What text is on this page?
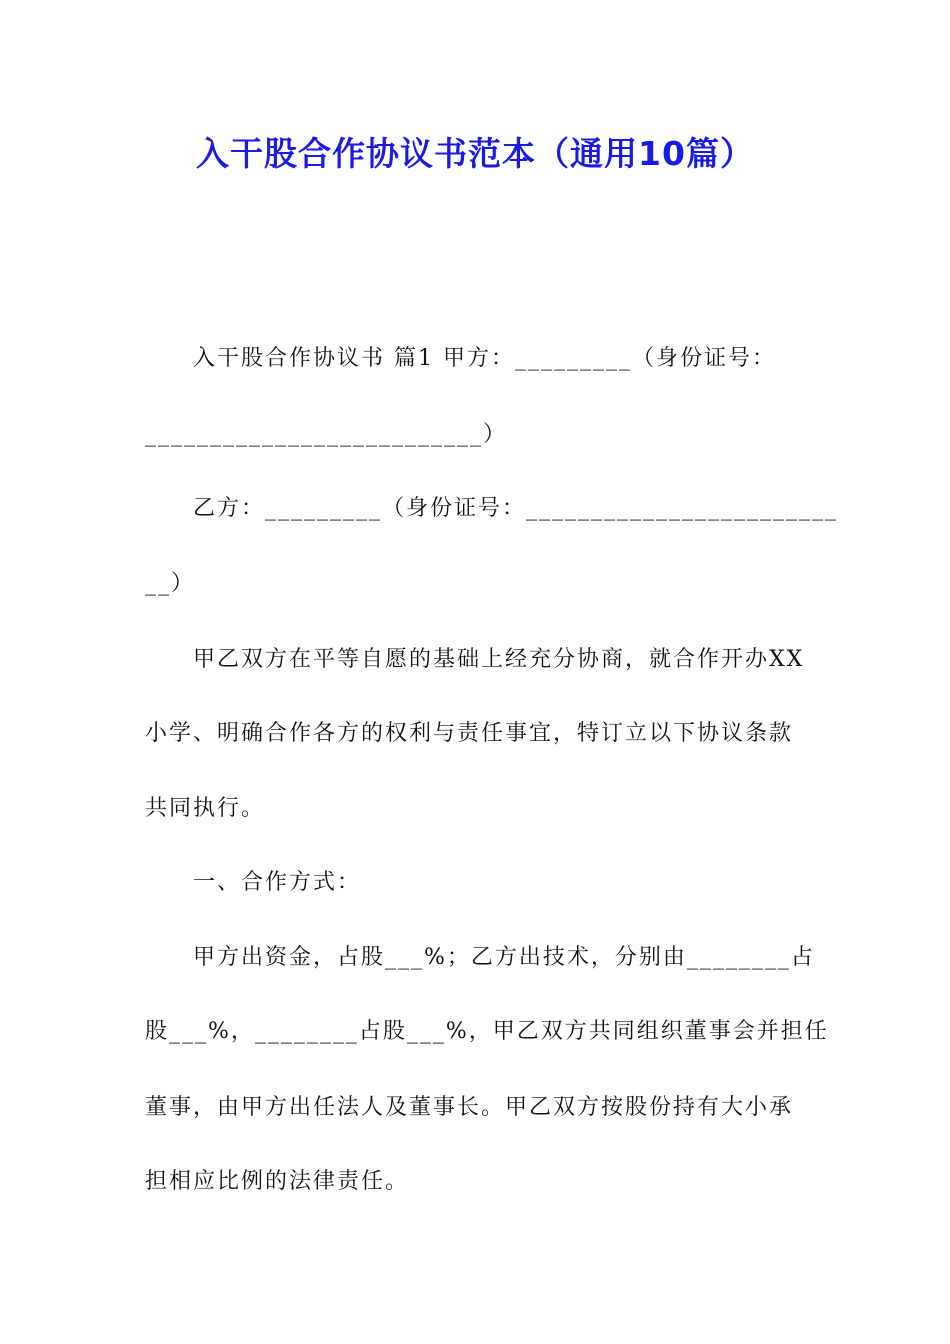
入干股合作协议书范本（通用10篇）
入干股合作协议书 篇1 甲方：_________（身份证号：
__________________________）
乙方：_________（身份证号：________________________
__）
甲乙双方在平等自愿的基础上经充分协商，就合作开办XX
小学、明确合作各方的权利与责任事宜，特订立以下协议条款
共同执行。
一、合作方式：
甲方出资金，占股___%；乙方出技术，分别由________占
股___%，________占股___%，甲乙双方共同组织董事会并担任
董事，由甲方出任法人及董事长。甲乙双方按股份持有大小承
担相应比例的法律责任。
